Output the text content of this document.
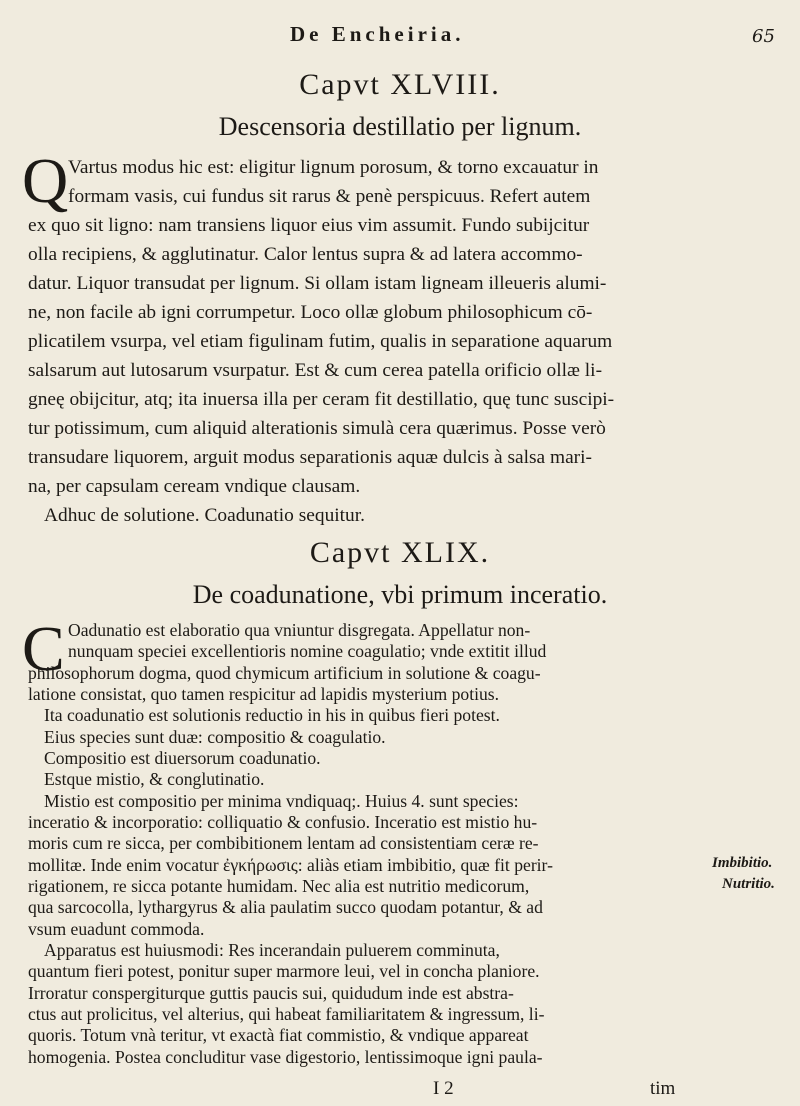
De Encheiria.	65
Capvt XLVIII.
Descensoria destillatio per lignum.
Q Vartus modus hic est: eligitur lignum porosum, & torno excauatur in
formam vasis, cui fundus sit rarus & penè perspicuus. Refert autem
ex quo sit ligno: nam transiens liquor eius vim assumit. Fundo subijcitur
olla recipiens, & agglutinatur. Calor lentus supra & ad latera accommo-
datur. Liquor transudat per lignum. Si ollam istam ligneam illeueris alumi-
ne, non facile ab igni corrumpetur. Loco ollæ globum philosophicum cō-
plicatilem vsurpa, vel etiam figulinam futim, qualis in separatione aquarum
salsarum aut lutosarum vsurpatur. Est & cum cerea patella orificio ollæ li-
gneę obijcitur, atq; ita inuersa illa per ceram fit destillatio, quę tunc suscipi-
tur potissimum, cum aliquid alterationis simulà cera quærimus. Posse verò
transudare liquorem, arguit modus separationis aquæ dulcis à salsa mari-
na, per capsulam ceream vndique clausam.
Adhuc de solutione. Coadunatio sequitur.
Capvt XLIX.
De coadunatione, vbi primum inceratio.
C Oadunatio est elaboratio qua vniuntur disgregata. Appellatur non-
nunquam speciei excellentioris nomine coagulatio; vnde extitit illud
philosophorum dogma, quod chymicum artificium in solutione & coagu-
latione consistat, quo tamen respicitur ad lapidis mysterium potius.
Ita coadunatio est solutionis reductio in his in quibus fieri potest.
Eius species sunt duæ: compositio & coagulatio.
Compositio est diuersorum coadunatio.
Estque mistio, & conglutinatio.
Mistio est compositio per minima vndiquaq;. Huius 4. sunt species:
inceratio & incorporatio: colliquatio & confusio. Inceratio est mistio hu-
moris cum re sicca, per combibitionem lentam ad consistentiam ceræ re-
mollitæ. Inde enim vocatur ἐγκήρωσις: aliàs etiam imbibitio, quæ fit perir-
rigationem, re sicca potante humidam. Nec alia est nutritio medicorum,
qua sarcocolla, lythargyrus & alia paulatim succo quodam potantur, & ad
vsum euadunt commoda.
Imbibitio.
Nutritio.
Apparatus est huiusmodi: Res incerandain puluerem comminuta,
quantum fieri potest, ponitur super marmore leui, vel in concha planiore.
Irroratur conspergiturque guttis paucis sui, quidudum inde est abstra-
ctus aut prolicitus, vel alterius, qui habeat familiaritatem & ingressum, li-
quoris. Totum vnà teritur, vt exactà fiat commistio, & vndique appareat
homogenia. Postea concluditur vase digestorio, lentissimoque igni paula-
I 2	tim
